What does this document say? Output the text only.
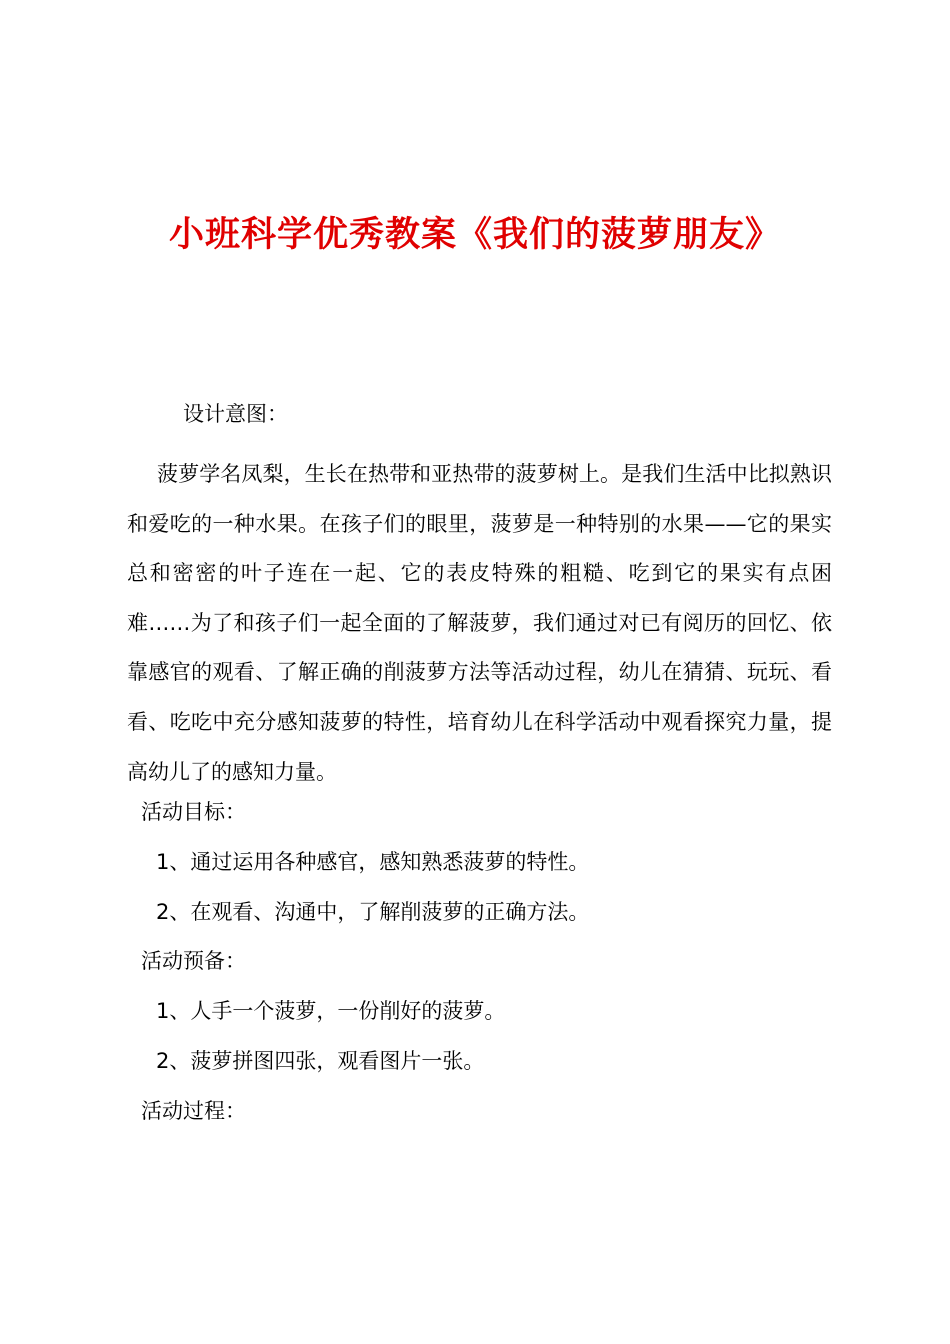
小班科学优秀教案《我们的菠萝朋友》

设计意图：

菠萝学名凤梨，生长在热带和亚热带的菠萝树上。是我们生活中比拟熟识和爱吃的一种水果。在孩子们的眼里，菠萝是一种特别的水果——它的果实总和密密的叶子连在一起、它的表皮特殊的粗糙、吃到它的果实有点困难……为了和孩子们一起全面的了解菠萝，我们通过对已有阅历的回忆、依靠感官的观看、了解正确的削菠萝方法等活动过程，幼儿在猜猜、玩玩、看看、吃吃中充分感知菠萝的特性，培育幼儿在科学活动中观看探究力量，提高幼儿了的感知力量。

活动目标：

1、通过运用各种感官，感知熟悉菠萝的特性。

2、在观看、沟通中，了解削菠萝的正确方法。

活动预备：

1、人手一个菠萝，一份削好的菠萝。

2、菠萝拼图四张，观看图片一张。

活动过程：
